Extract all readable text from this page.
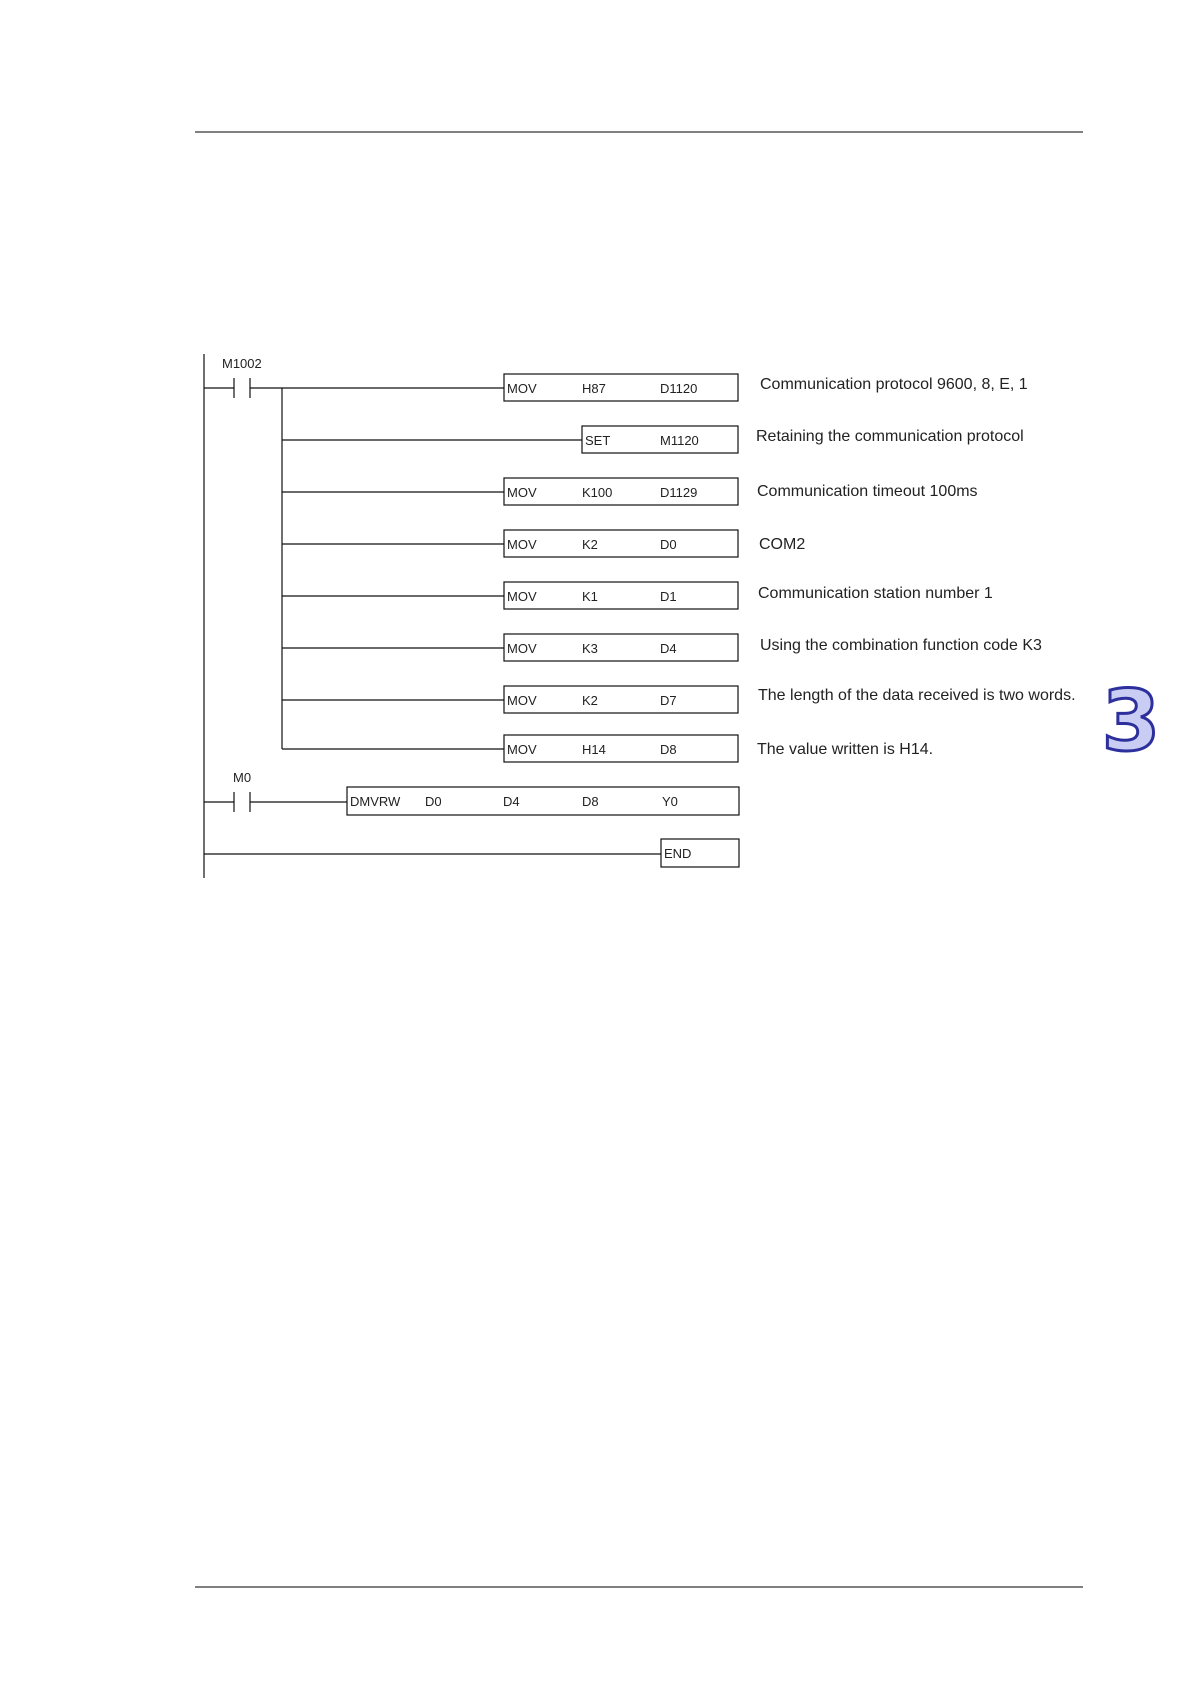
M1002
MOV	H87	D1120	Communication protocol 9600, 8, E, 1
SET	M1120	Retaining the communication protocol
MOV	K100	D1129	Communication timeout 100ms
MOV	K2	D0	COM2
MOV	K1	D1	Communication station number 1
MOV	K3	D4	Using the combination function code K3
MOV	K2	D7	The length of the data received is two words.
MOV	H14	D8	The value written is H14.
M0
DMVRW D0	D4	D8	Y0
END
3
